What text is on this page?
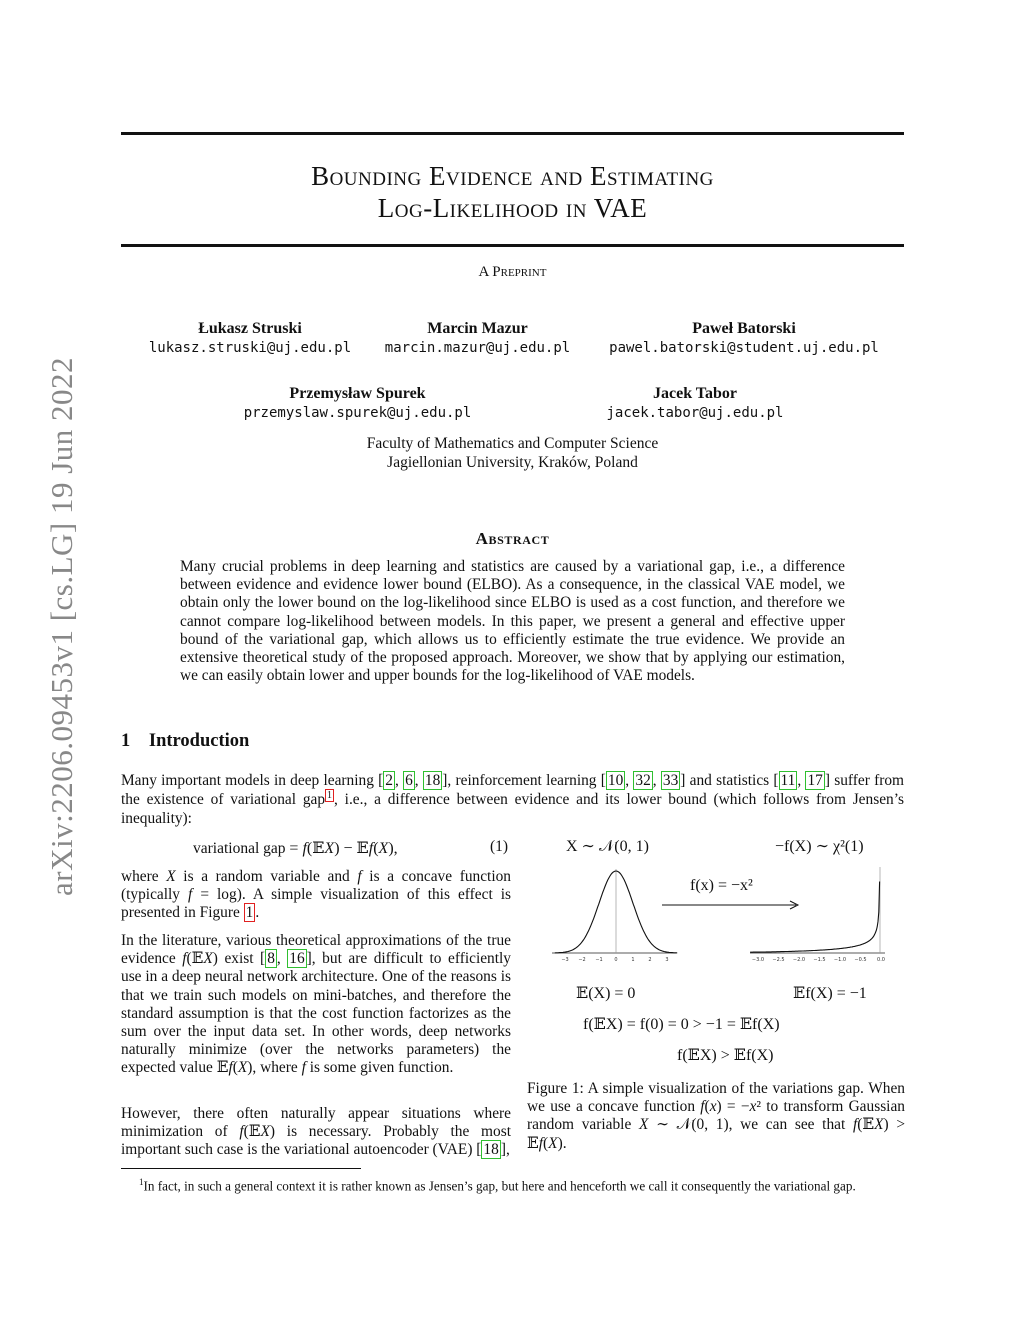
arXiv:2206.09453v1 [cs.LG] 19 Jun 2022
Bounding Evidence and Estimating
Log-Likelihood in VAE
A Preprint
Łukasz Struski
lukasz.struski@uj.edu.pl
Marcin Mazur
marcin.mazur@uj.edu.pl
Paweł Batorski
pawel.batorski@student.uj.edu.pl
Przemysław Spurek
przemyslaw.spurek@uj.edu.pl
Jacek Tabor
jacek.tabor@uj.edu.pl
Faculty of Mathematics and Computer Science
Jagiellonian University, Kraków, Poland
Abstract
Many crucial problems in deep learning and statistics are caused by a variational gap, i.e., a difference between evidence and evidence lower bound (ELBO). As a consequence, in the classical VAE model, we obtain only the lower bound on the log-likelihood since ELBO is used as a cost function, and therefore we cannot compare log-likelihood between models. In this paper, we present a general and effective upper bound of the variational gap, which allows us to efficiently estimate the true evidence. We provide an extensive theoretical study of the proposed approach. Moreover, we show that by applying our estimation, we can easily obtain lower and upper bounds for the log-likelihood of VAE models.
1 Introduction
Many important models in deep learning [ 2 , 6 , 18 ], reinforcement learning [ 10 , 32 , 33 ] and statistics [ 11 , 17 ] suffer from the existence of variational gap $^1$ , i.e., a difference between evidence and its lower bound (which follows from Jensen’s inequality):
variational gap = f(𝔼X) − 𝔼f(X),	(1)
where X is a random variable and f is a concave function (typically f = log). A simple visualization of this effect is presented in Figure 1 .
In the literature, various theoretical approximations of the true evidence f(𝔼X) exist [ 8 , 16 ], but are difficult to efficiently use in a deep neural network architecture. One of the reasons is that we train such models on mini-batches, and therefore the standard assumption is that the cost function factorizes as the sum over the input data set. In other words, deep networks naturally minimize (over the networks parameters) the expected value 𝔼f(X), where f is some given function.
However, there often naturally appear situations where minimization of f(𝔼X) is necessary. Probably the most important such case is the variational autoencoder (VAE) [ 18 ],
X ∼ 𝒩(0, 1)	−f(X) ∼ χ²(1)
f(x) = −x²
−3 −2 −1 0	1	2	3	−3.0 −2.5 −2.0 −1.5 −1.0 −0.5 0.0
𝔼(X) = 0	𝔼f(X) = −1
f(𝔼X) = f(0) = 0 > −1 = 𝔼f(X)
f(𝔼X) > 𝔼f(X)
Figure 1: A simple visualization of the variations gap. When we use a concave function f(x) = −x² to transform Gaussian random variable X ∼ 𝒩(0, 1), we can see that f(𝔼X) > 𝔼f(X).
$^1$In fact, in such a general context it is rather known as Jensen’s gap, but here and henceforth we call it consequently the variational gap.
